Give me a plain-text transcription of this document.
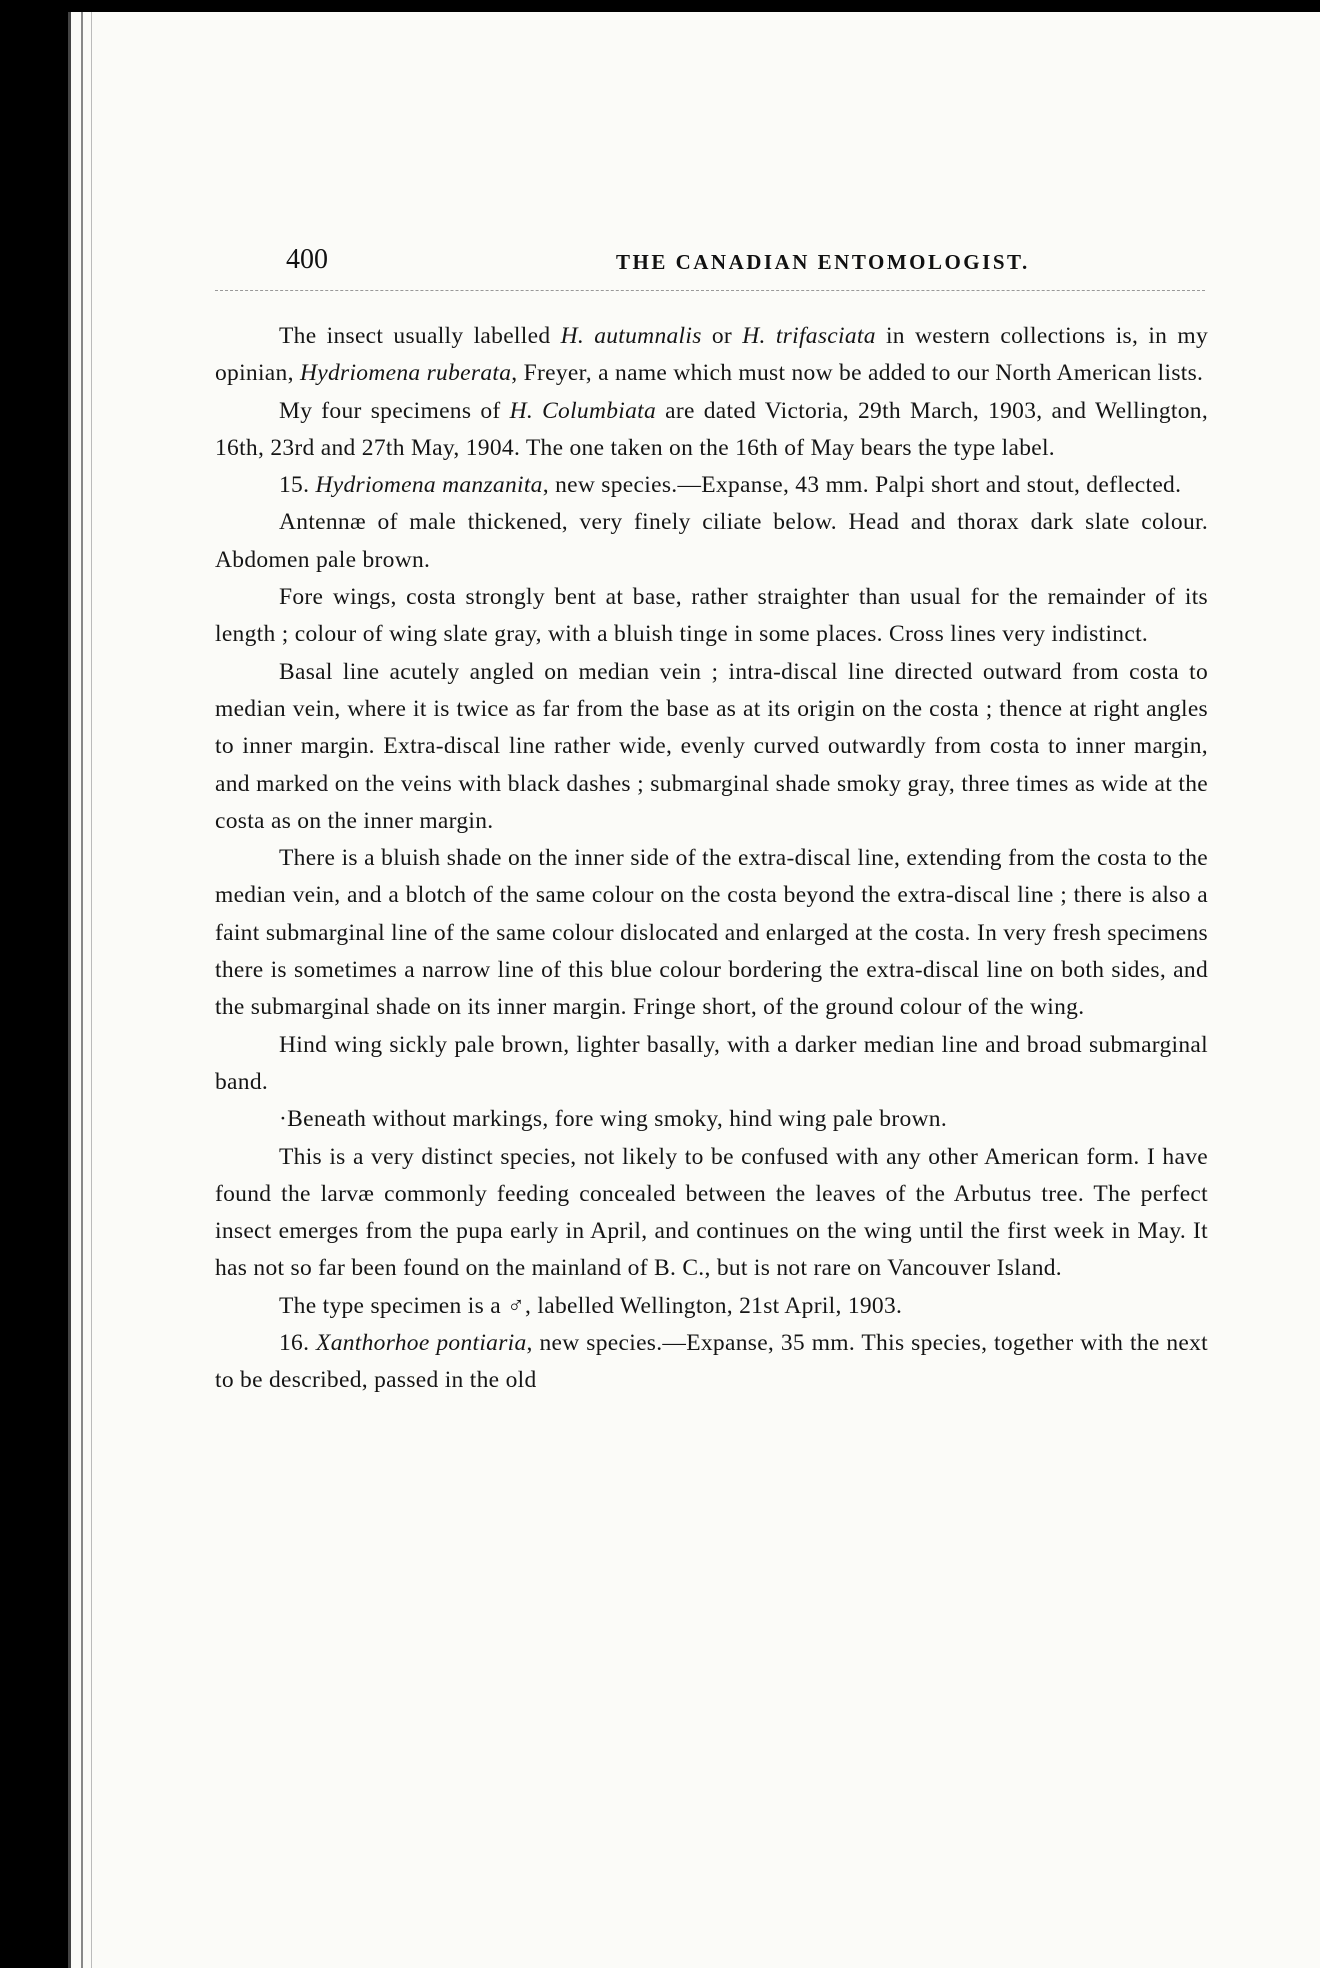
400	THE CANADIAN ENTOMOLOGIST.

The insect usually labelled H. autumnalis or H. trifasciata in western collections is, in my opinian, Hydriomena ruberata, Freyer, a name which must now be added to our North American lists.

My four specimens of H. Columbiata are dated Victoria, 29th March, 1903, and Wellington, 16th, 23rd and 27th May, 1904. The one taken on the 16th of May bears the type label.

15. Hydriomena manzanita, new species.—Expanse, 43 mm. Palpi short and stout, deflected.

Antennæ of male thickened, very finely ciliate below. Head and thorax dark slate colour. Abdomen pale brown.

Fore wings, costa strongly bent at base, rather straighter than usual for the remainder of its length ; colour of wing slate gray, with a bluish tinge in some places. Cross lines very indistinct.

Basal line acutely angled on median vein ; intra-discal line directed outward from costa to median vein, where it is twice as far from the base as at its origin on the costa ; thence at right angles to inner margin. Extra-discal line rather wide, evenly curved outwardly from costa to inner margin, and marked on the veins with black dashes ; submarginal shade smoky gray, three times as wide at the costa as on the inner margin.

There is a bluish shade on the inner side of the extra-discal line, extending from the costa to the median vein, and a blotch of the same colour on the costa beyond the extra-discal line ; there is also a faint submarginal line of the same colour dislocated and enlarged at the costa. In very fresh specimens there is sometimes a narrow line of this blue colour bordering the extra-discal line on both sides, and the submarginal shade on its inner margin. Fringe short, of the ground colour of the wing.

Hind wing sickly pale brown, lighter basally, with a darker median line and broad submarginal band.

·Beneath without markings, fore wing smoky, hind wing pale brown.

This is a very distinct species, not likely to be confused with any other American form. I have found the larvæ commonly feeding concealed between the leaves of the Arbutus tree. The perfect insect emerges from the pupa early in April, and continues on the wing until the first week in May. It has not so far been found on the mainland of B. C., but is not rare on Vancouver Island.

The type specimen is a ♂, labelled Wellington, 21st April, 1903.

16. Xanthorhoe pontiaria, new species.—Expanse, 35 mm. This species, together with the next to be described, passed in the old
